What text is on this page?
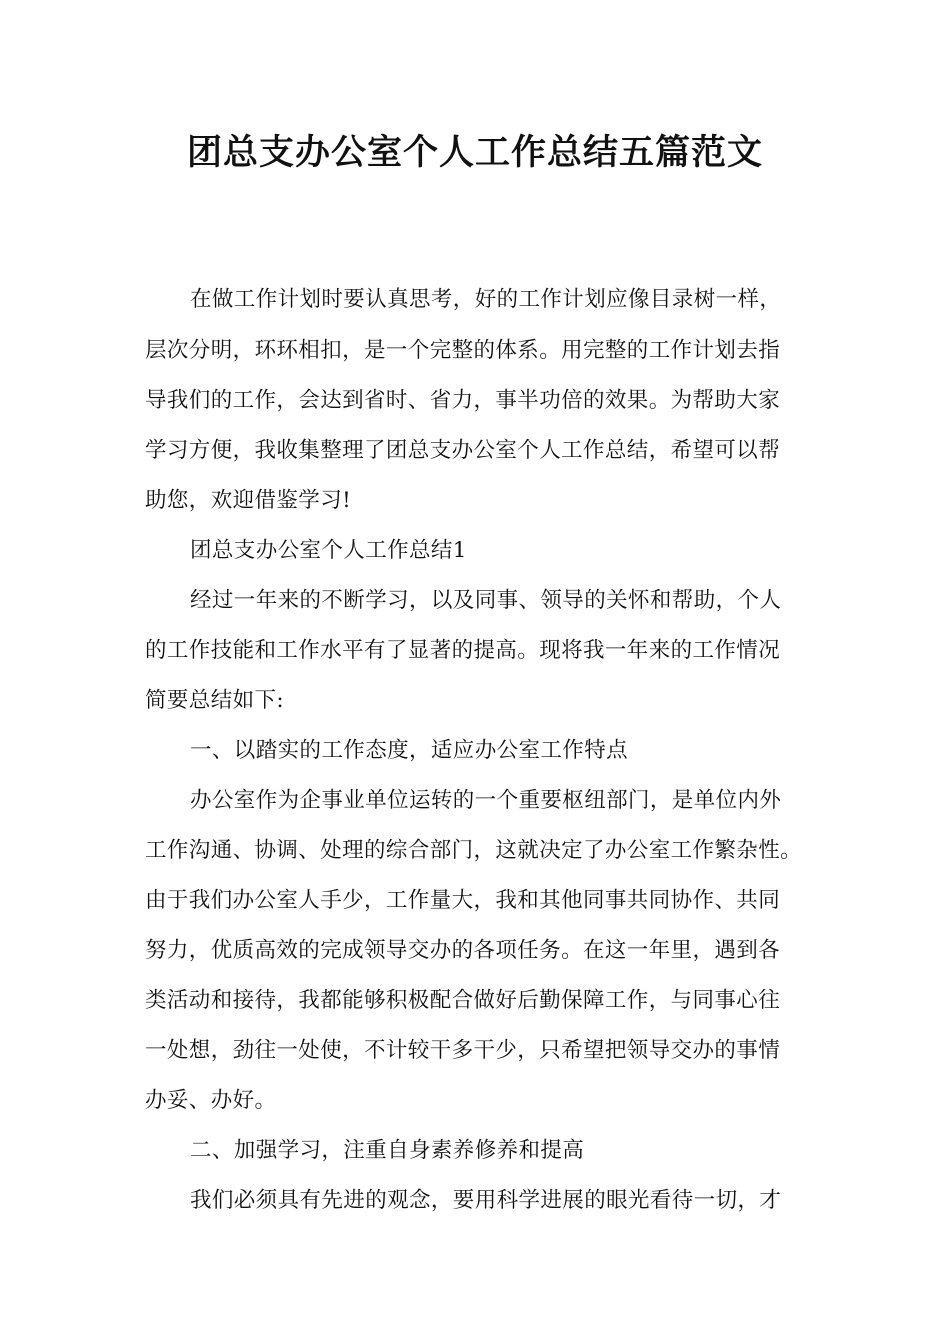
团总支办公室个人工作总结五篇范文
在做工作计划时要认真思考，好的工作计划应像目录树一样，
层次分明，环环相扣，是一个完整的体系。用完整的工作计划去指
导我们的工作，会达到省时、省力，事半功倍的效果。为帮助大家
学习方便，我收集整理了团总支办公室个人工作总结，希望可以帮
助您，欢迎借鉴学习!
团总支办公室个人工作总结1
经过一年来的不断学习，以及同事、领导的关怀和帮助，个人
的工作技能和工作水平有了显著的提高。现将我一年来的工作情况
简要总结如下:
一、以踏实的工作态度，适应办公室工作特点
办公室作为企事业单位运转的一个重要枢纽部门，是单位内外
工作沟通、协调、处理的综合部门，这就决定了办公室工作繁杂性。
由于我们办公室人手少，工作量大，我和其他同事共同协作、共同
努力，优质高效的完成领导交办的各项任务。在这一年里，遇到各
类活动和接待，我都能够积极配合做好后勤保障工作，与同事心往
一处想，劲往一处使，不计较干多干少，只希望把领导交办的事情
办妥、办好。
二、加强学习，注重自身素养修养和提高
我们必须具有先进的观念，要用科学进展的眼光看待一切，才
